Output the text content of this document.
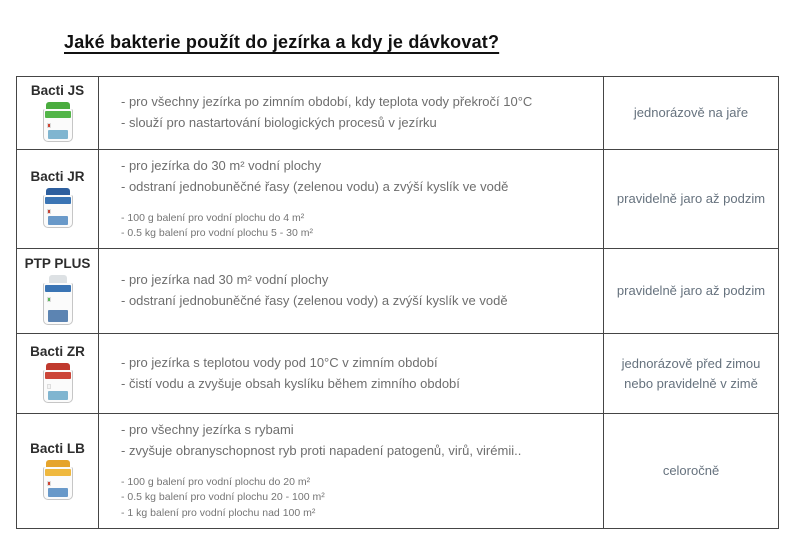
Jaké bakterie použít do jezírka a kdy je dávkovat?
Bacti JS	- pro všechny jezírka po zimním období, kdy teplota vody překročí 10°C
- slouží pro nastartování biologických procesů v jezírku	jednorázově na jaře

Bacti JR	- pro jezírka do 30 m² vodní plochy
- odstraní jednobuněčné řasy (zelenou vodu) a zvýší kyslík ve vodě
- 100 g balení pro vodní plochu do 4 m²
- 0.5 kg balení pro vodní plochu 5 - 30 m²	pravidelně jaro až podzim

PTP PLUS	- pro jezírka nad 30 m² vodní plochy
- odstraní jednobuněčné řasy (zelenou vody) a zvýší kyslík ve vodě	pravidelně jaro až podzim

Bacti ZR	- pro jezírka s teplotou vody pod 10°C v zimním období
- čistí vodu a zvyšuje obsah kyslíku během zimního období	jednorázově před zimou nebo pravidelně v zimě

Bacti LB	- pro všechny jezírka s rybami
- zvyšuje obranyschopnost ryb proti napadení patogenů, virů, virémii..
- 100 g balení pro vodní plochu do 20 m²
- 0.5 kg balení pro vodní plochu 20 - 100 m²
- 1 kg balení pro vodní plochu nad 100 m²	celoročně
